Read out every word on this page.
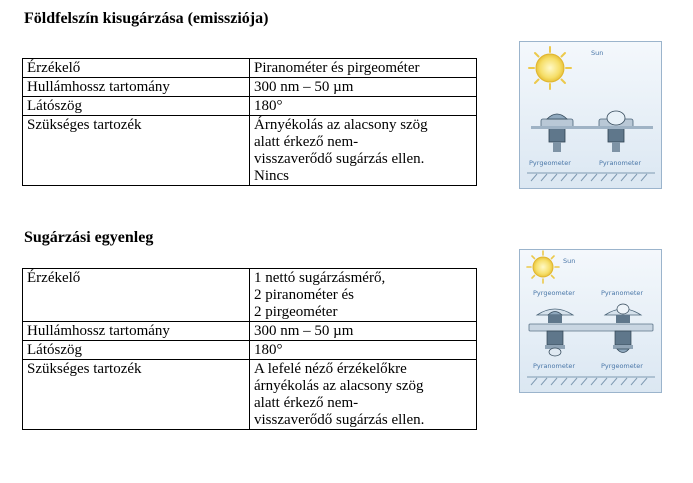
Földfelszín kisugárzása (emissziója)
Érzékelő	Piranométer és pirgeométer

Hullámhossz tartomány	300 nm – 50 µm

Látószög	180°

Szükséges tartozék	Árnyékolás az alacsony szög
alatt érkező nem-
visszaverődő sugárzás ellen.
Nincs
Sugárzási egyenleg
Érzékelő	1 nettó sugárzásmérő,
2 piranométer és
2 pirgeométer

Hullámhossz tartomány	300 nm – 50 µm

Látószög	180°

Szükséges tartozék	A lefelé néző érzékelőkre
árnyékolás az alacsony szög
alatt érkező nem-
visszaverődő sugárzás ellen.
Sun
Pyrgeometer	Pyranometer
Sun
Pyrgeometer	Pyranometer
Pyranometer	Pyrgeometer
